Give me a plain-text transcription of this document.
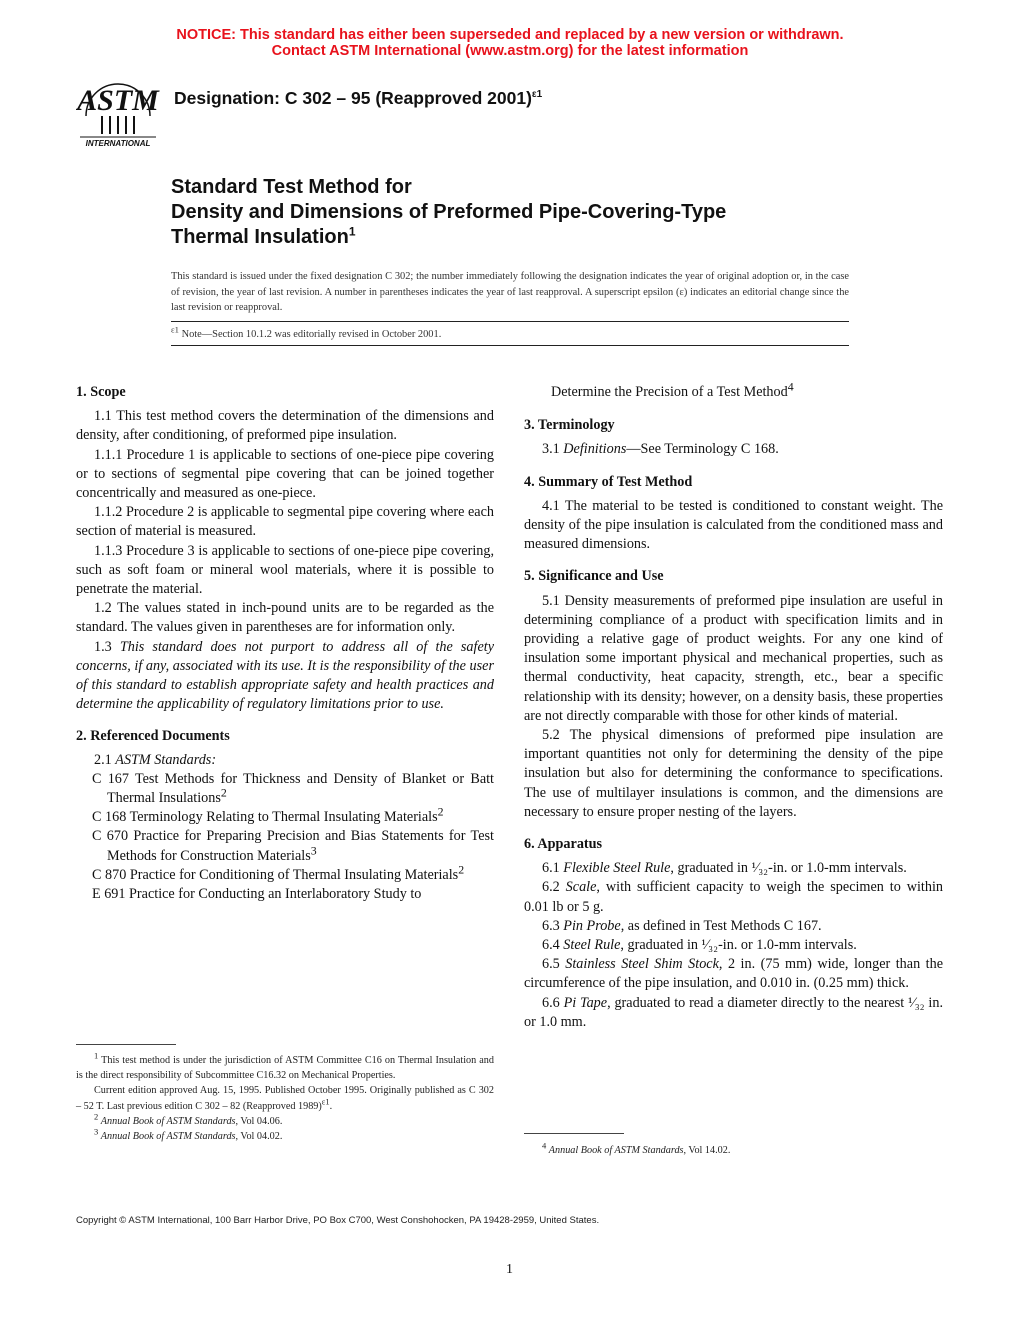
NOTICE: This standard has either been superseded and replaced by a new version or withdrawn.
Contact ASTM International (www.astm.org) for the latest information
ASTM
INTERNATIONAL
Designation: C 302 – 95 (Reapproved 2001)$^{\varepsilon 1}$
Standard Test Method for
Density and Dimensions of Preformed Pipe-Covering-Type
Thermal Insulation$^1$
This standard is issued under the fixed designation C 302; the number immediately following the designation indicates the year of original adoption or, in the case of revision, the year of last revision. A number in parentheses indicates the year of last reapproval. A superscript epsilon (ε) indicates an editorial change since the last revision or reapproval.
$^{\varepsilon 1}$ Note—Section 10.1.2 was editorially revised in October 2001.

1. Scope

1.1 This test method covers the determination of the dimensions and density, after conditioning, of preformed pipe insulation.

1.1.1 Procedure 1 is applicable to sections of one-piece pipe covering or to sections of segmental pipe covering that can be joined together concentrically and measured as one-piece.

1.1.2 Procedure 2 is applicable to segmental pipe covering where each section of material is measured.

1.1.3 Procedure 3 is applicable to sections of one-piece pipe covering, such as soft foam or mineral wool materials, where it is possible to penetrate the material.

1.2 The values stated in inch-pound units are to be regarded as the standard. The values given in parentheses are for information only.

1.3 This standard does not purport to address all of the safety concerns, if any, associated with its use. It is the responsibility of the user of this standard to establish appropriate safety and health practices and determine the applicability of regulatory limitations prior to use.

2. Referenced Documents

2.1 ASTM Standards:

C 167 Test Methods for Thickness and Density of Blanket or Batt Thermal Insulations$^2$

C 168 Terminology Relating to Thermal Insulating Materials$^2$

C 670 Practice for Preparing Precision and Bias Statements for Test Methods for Construction Materials$^3$

C 870 Practice for Conditioning of Thermal Insulating Materials$^2$

E 691 Practice for Conducting an Interlaboratory Study to

$^1$ This test method is under the jurisdiction of ASTM Committee C16 on Thermal Insulation and is the direct responsibility of Subcommittee C16.32 on Mechanical Properties.

Current edition approved Aug. 15, 1995. Published October 1995. Originally published as C 302 – 52 T. Last previous edition C 302 – 82 (Reapproved 1989)$^{\varepsilon 1}$.

$^2$ Annual Book of ASTM Standards, Vol 04.06.

$^3$ Annual Book of ASTM Standards, Vol 04.02.

Determine the Precision of a Test Method$^4$

3. Terminology

3.1 Definitions—See Terminology C 168.

4. Summary of Test Method

4.1 The material to be tested is conditioned to constant weight. The density of the pipe insulation is calculated from the conditioned mass and measured dimensions.

5. Significance and Use

5.1 Density measurements of preformed pipe insulation are useful in determining compliance of a product with specification limits and in providing a relative gage of product weights. For any one kind of insulation some important physical and mechanical properties, such as thermal conductivity, heat capacity, strength, etc., bear a specific relationship with its density; however, on a density basis, these properties are not directly comparable with those for other kinds of material.

5.2 The physical dimensions of preformed pipe insulation are important quantities not only for determining the density of the pipe insulation but also for determining the conformance to specifications. The use of multilayer insulations is common, and the dimensions are necessary to ensure proper nesting of the layers.

6. Apparatus

6.1 Flexible Steel Rule, graduated in ¹⁄₃₂-in. or 1.0-mm intervals.

6.2 Scale, with sufficient capacity to weigh the specimen to within 0.01 lb or 5 g.

6.3 Pin Probe, as defined in Test Methods C 167.

6.4 Steel Rule, graduated in ¹⁄₃₂-in. or 1.0-mm intervals.

6.5 Stainless Steel Shim Stock, 2 in. (75 mm) wide, longer than the circumference of the pipe insulation, and 0.010 in. (0.25 mm) thick.

6.6 Pi Tape, graduated to read a diameter directly to the nearest ¹⁄₃₂ in. or 1.0 mm.

$^4$ Annual Book of ASTM Standards, Vol 14.02.

Copyright © ASTM International, 100 Barr Harbor Drive, PO Box C700, West Conshohocken, PA 19428-2959, United States.
1
